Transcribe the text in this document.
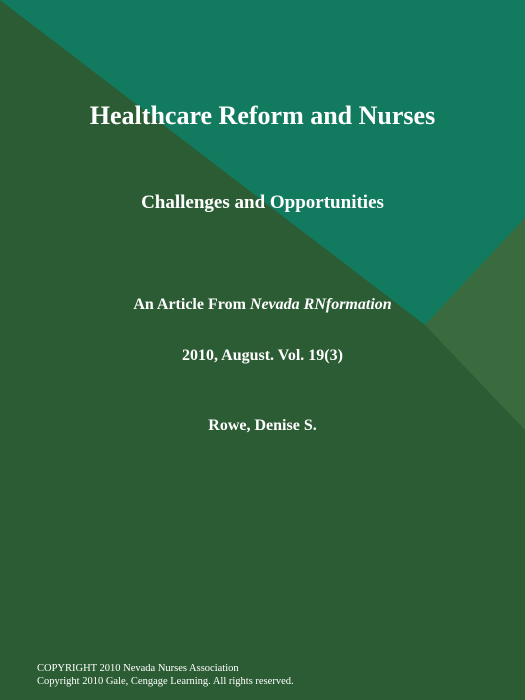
Healthcare Reform and Nurses
Challenges and Opportunities
An Article From Nevada RNformation
2010, August. Vol. 19(3)
Rowe, Denise S.
COPYRIGHT 2010 Nevada Nurses Association
Copyright 2010 Gale, Cengage Learning. All rights reserved.
